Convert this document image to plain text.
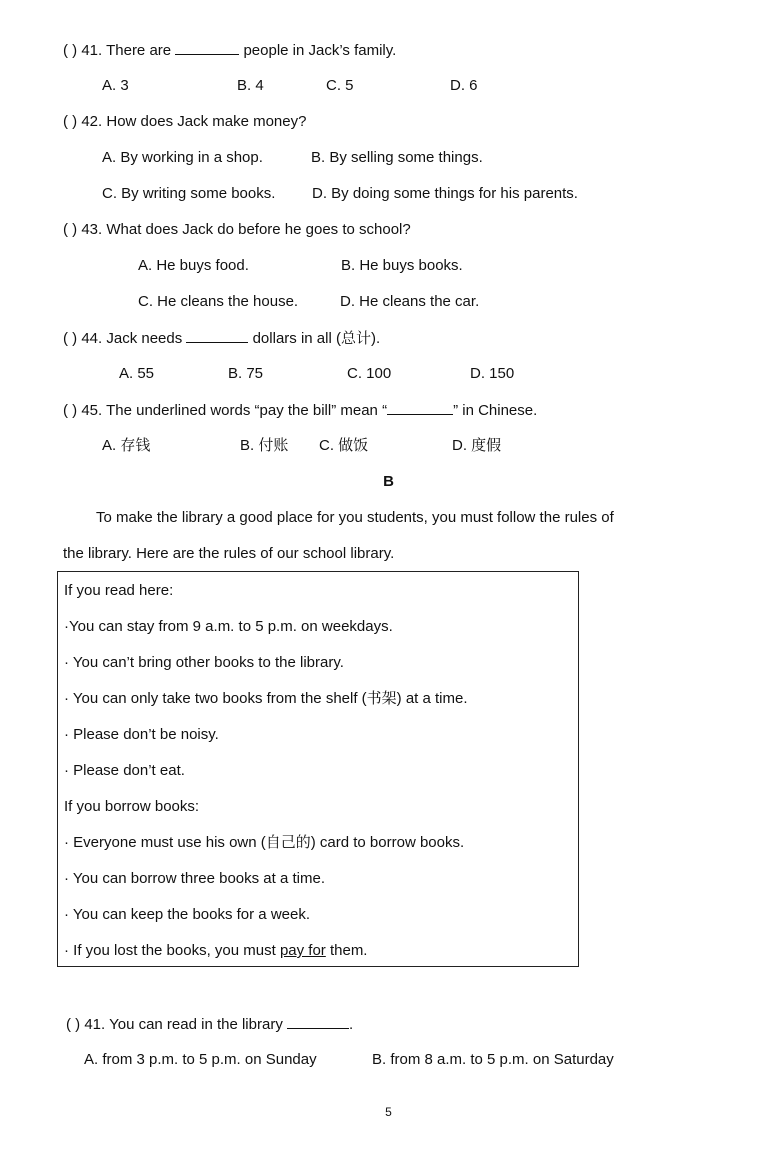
( ) 41. There are	people in Jack’s family.
A. 3	B. 4	C. 5	D. 6
( ) 42. How does Jack make money?
A. By working in a shop.	B. By selling some things.
C. By writing some books. D. By doing some things for his parents.
( ) 43. What does Jack do before he goes to school?
A. He buys food.	B. He buys books.
C. He cleans the house.	D. He cleans the car.
( ) 44. Jack needs	dollars in all (总计).
A. 55	B. 75	C. 100	D. 150
( ) 45. The underlined words “pay the bill” mean “	” in Chinese.
A. 存钱	B. 付账 C. 做饭	D. 度假
B
To make the library a good place for you students, you must follow the rules of
the library. Here are the rules of our school library.
If you read here:
·You can stay from 9 a.m. to 5 p.m. on weekdays.
· You can’t bring other books to the library.
· You can only take two books from the shelf (书架) at a time.
· Please don’t be noisy.
· Please don’t eat.
If you borrow books:
· Everyone must use his own (自己的) card to borrow books.
· You can borrow three books at a time.
· You can keep the books for a week.
· If you lost the books, you must pay for them.
( ) 41. You can read in the library	.
A. from 3 p.m. to 5 p.m. on Sunday	B. from 8 a.m. to 5 p.m. on Saturday
5
